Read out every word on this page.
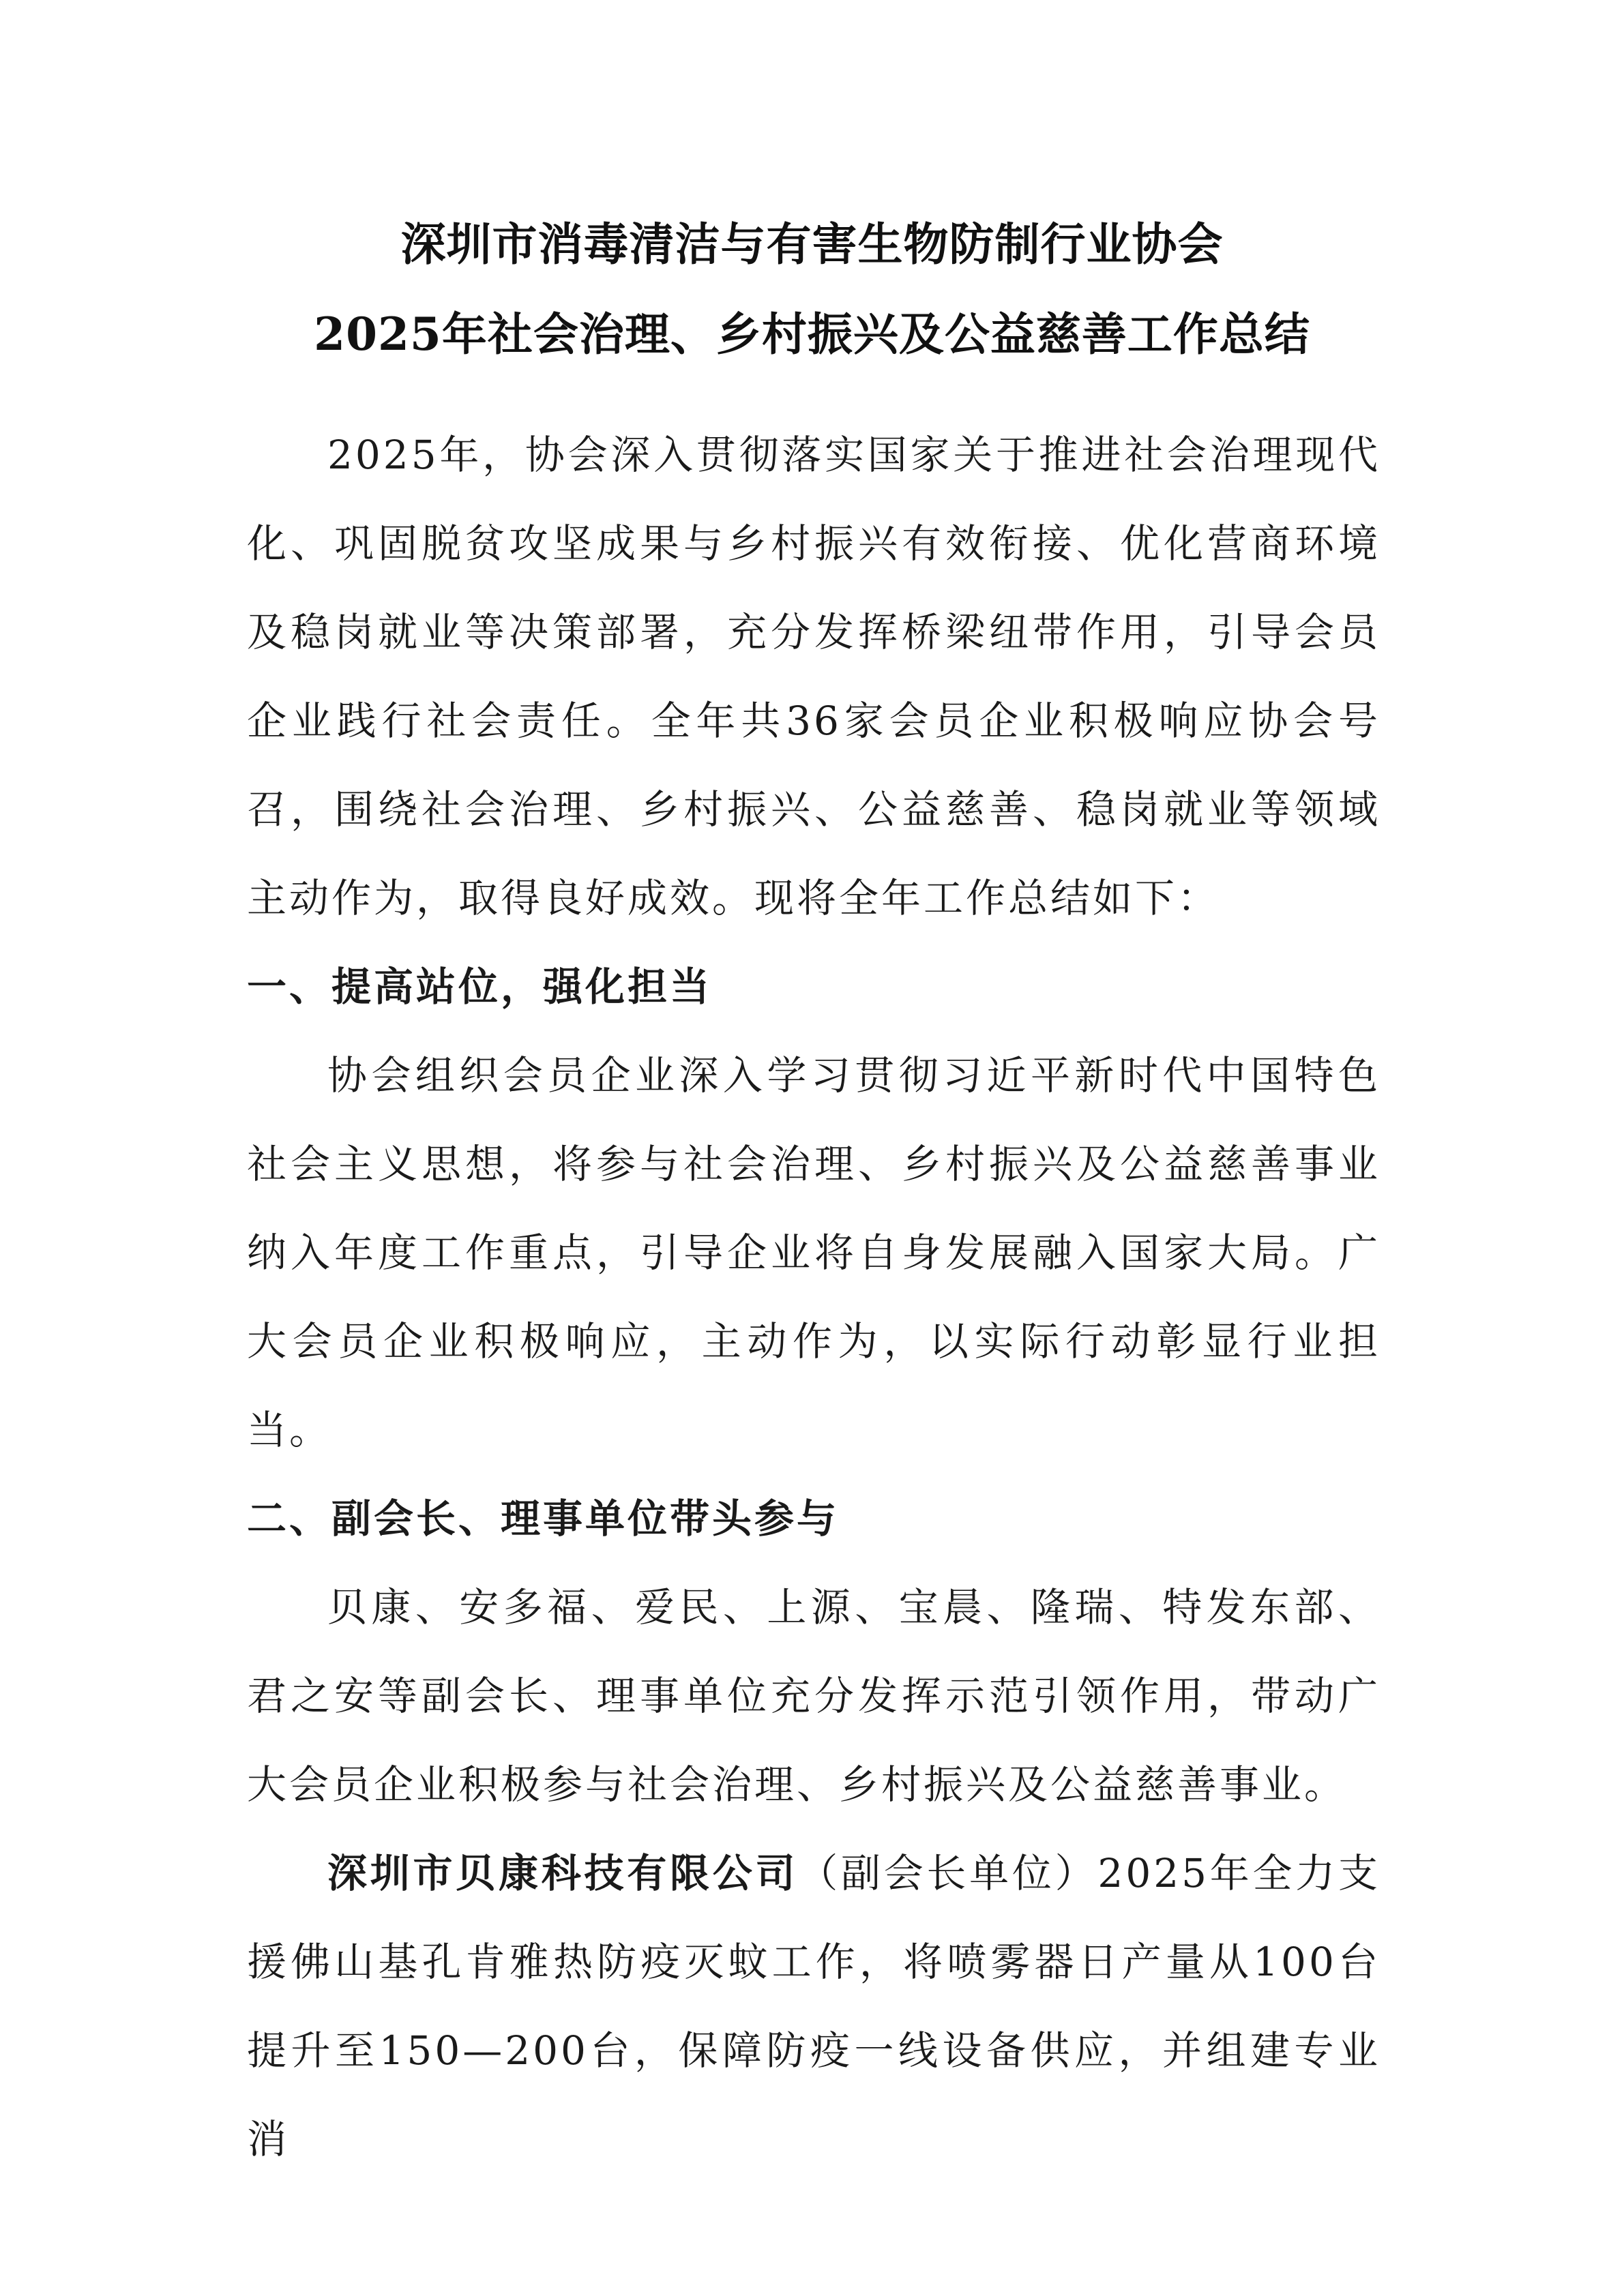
深圳市消毒清洁与有害生物防制行业协会
2025年社会治理、乡村振兴及公益慈善工作总结

2025年，协会深入贯彻落实国家关于推进社会治理现代化、巩固脱贫攻坚成果与乡村振兴有效衔接、优化营商环境及稳岗就业等决策部署，充分发挥桥梁纽带作用，引导会员企业践行社会责任。全年共36家会员企业积极响应协会号召，围绕社会治理、乡村振兴、公益慈善、稳岗就业等领域主动作为，取得良好成效。现将全年工作总结如下：

一、提高站位，强化担当

协会组织会员企业深入学习贯彻习近平新时代中国特色社会主义思想，将参与社会治理、乡村振兴及公益慈善事业纳入年度工作重点，引导企业将自身发展融入国家大局。广大会员企业积极响应，主动作为，以实际行动彰显行业担当。

二、副会长、理事单位带头参与

贝康、安多福、爱民、上源、宝晨、隆瑞、特发东部、君之安等副会长、理事单位充分发挥示范引领作用，带动广大会员企业积极参与社会治理、乡村振兴及公益慈善事业。

深圳市贝康科技有限公司（副会长单位）2025年全力支援佛山基孔肯雅热防疫灭蚊工作，将喷雾器日产量从100台提升至150—200台，保障防疫一线设备供应，并组建专业消
